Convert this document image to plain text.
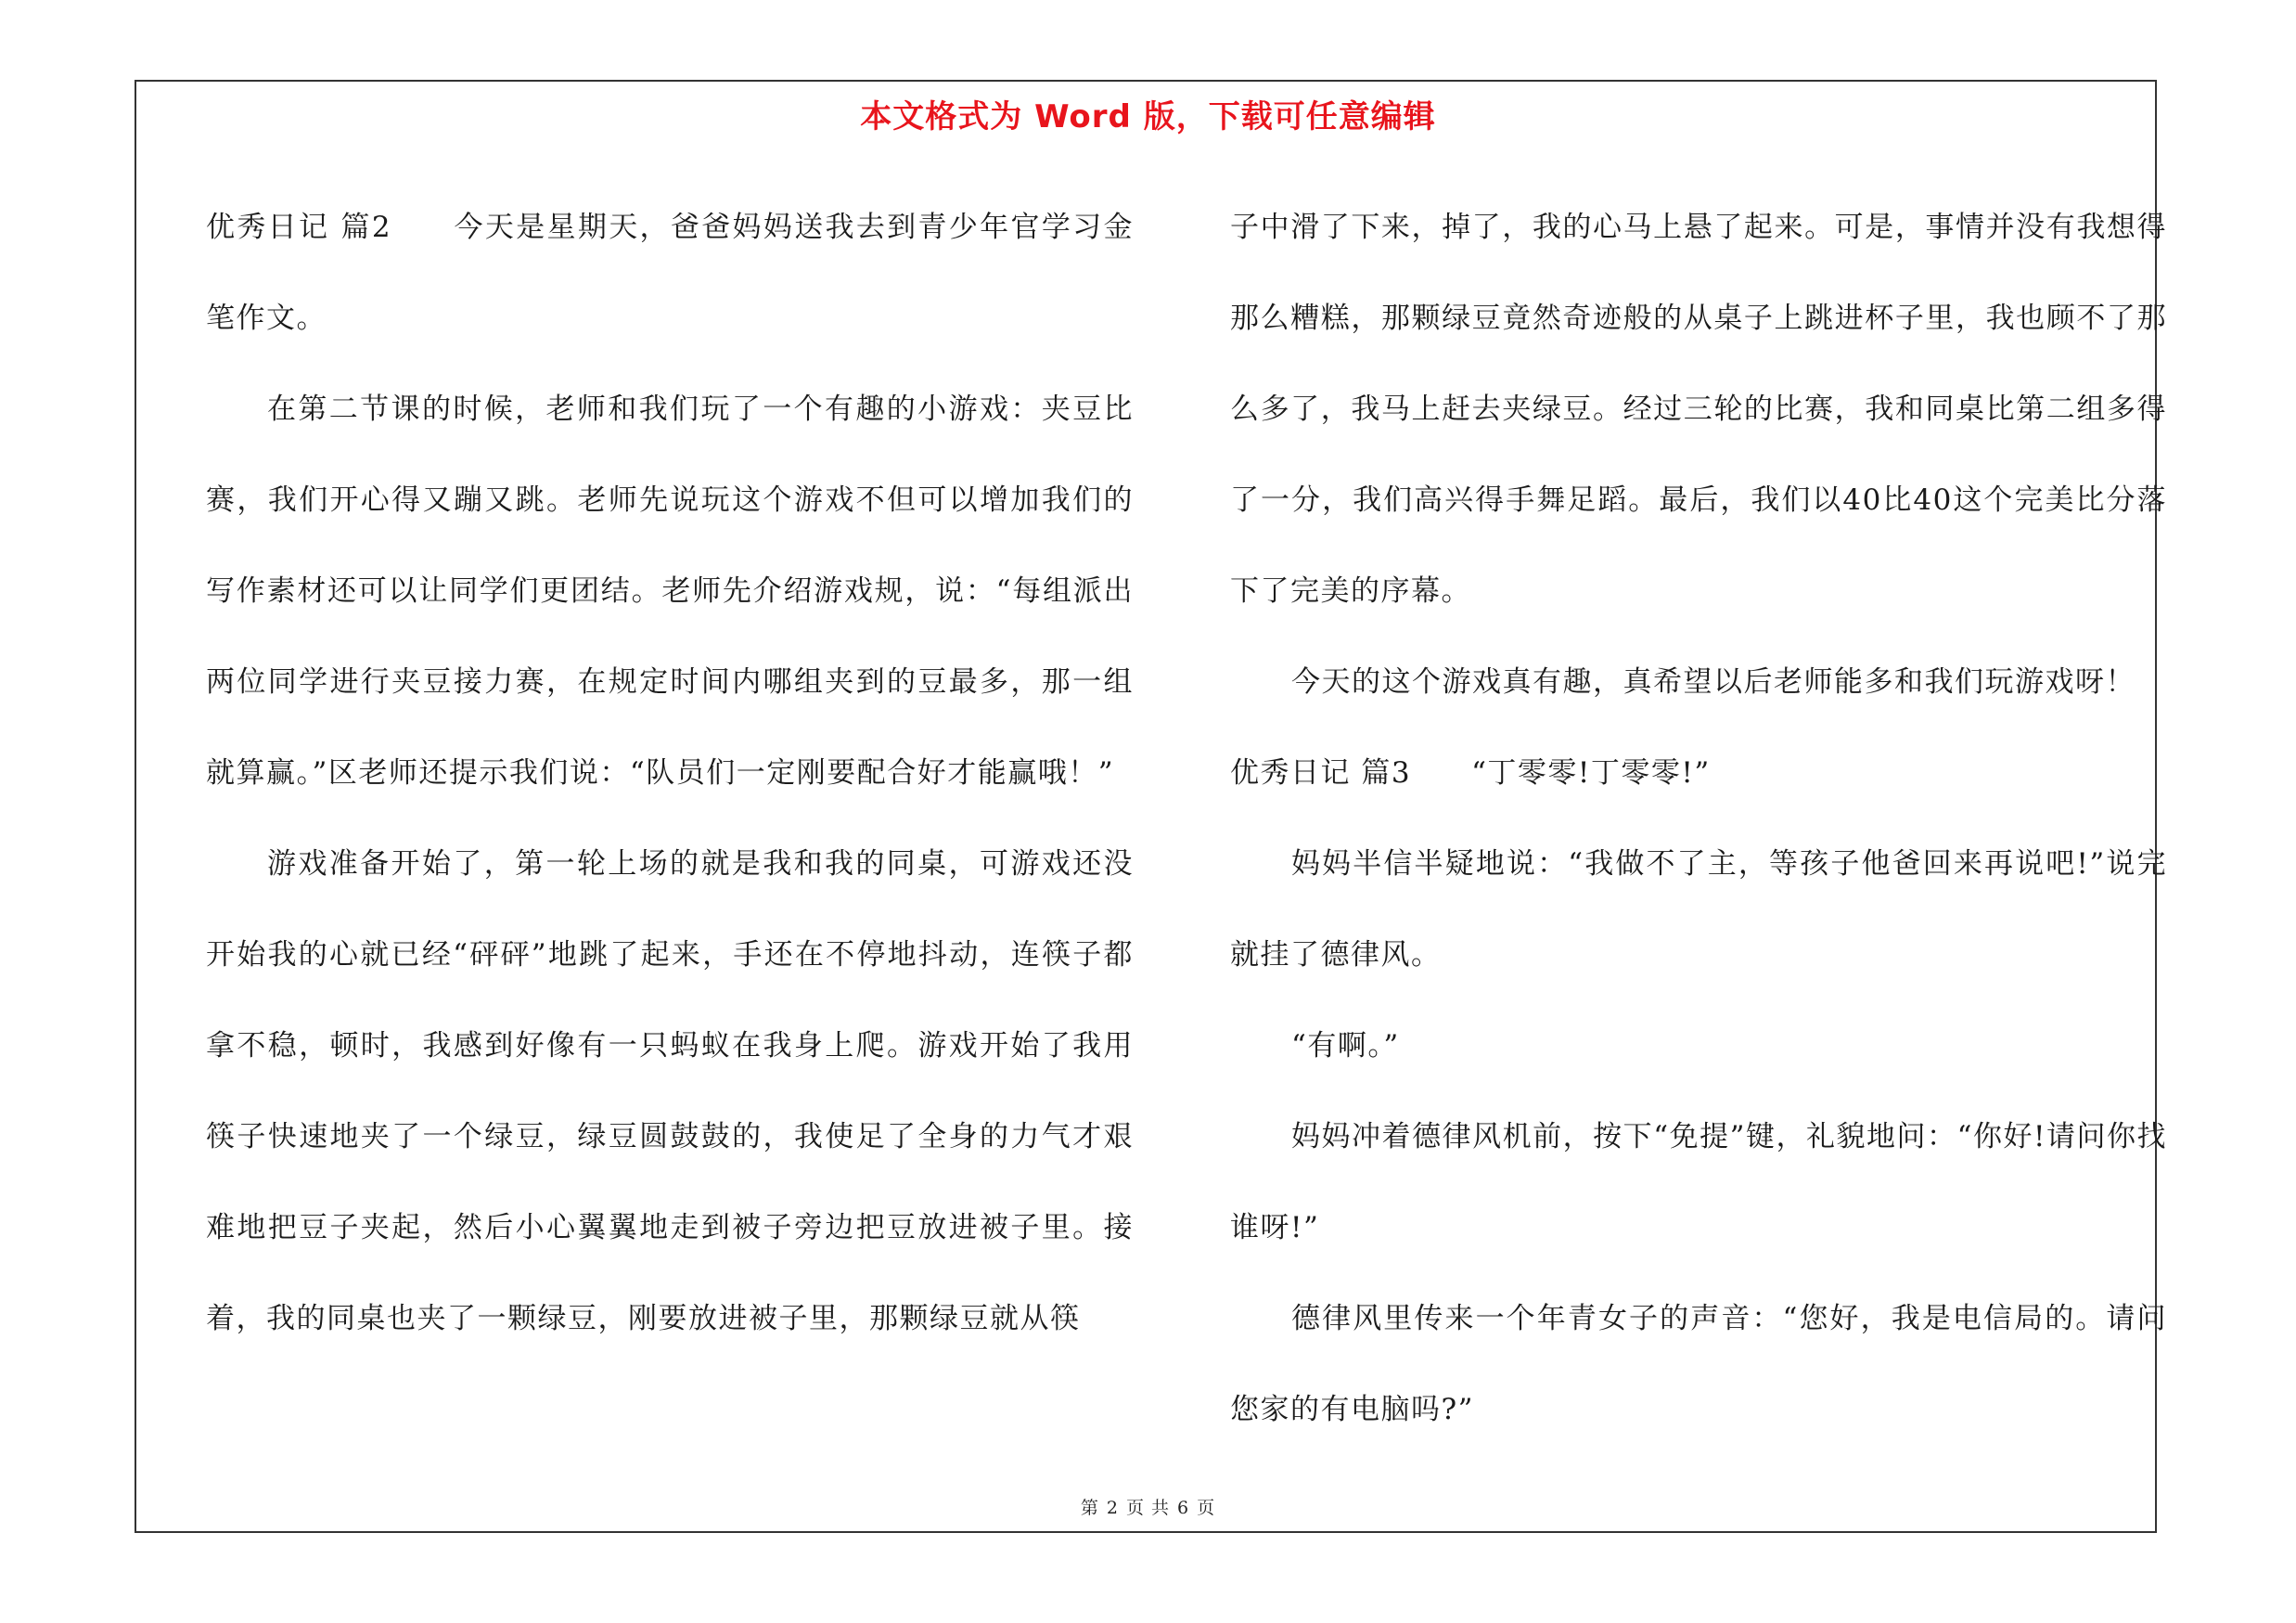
本文格式为 Word 版，下载可任意编辑

优秀日记 篇2　　今天是星期天，爸爸妈妈送我去到青少年官学习金笔作文。

在第二节课的时候，老师和我们玩了一个有趣的小游戏：夹豆比赛，我们开心得又蹦又跳。老师先说玩这个游戏不但可以增加我们的写作素材还可以让同学们更团结。老师先介绍游戏规，说：“每组派出两位同学进行夹豆接力赛，在规定时间内哪组夹到的豆最多，那一组就算赢。”区老师还提示我们说：“队员们一定刚要配合好才能赢哦！”

游戏准备开始了，第一轮上场的就是我和我的同桌，可游戏还没开始我的心就已经“砰砰”地跳了起来，手还在不停地抖动，连筷子都拿不稳，顿时，我感到好像有一只蚂蚁在我身上爬。游戏开始了我用筷子快速地夹了一个绿豆，绿豆圆鼓鼓的，我使足了全身的力气才艰难地把豆子夹起，然后小心翼翼地走到被子旁边把豆放进被子里。接着，我的同桌也夹了一颗绿豆，刚要放进被子里，那颗绿豆就从筷

子中滑了下来，掉了，我的心马上悬了起来。可是，事情并没有我想得那么糟糕，那颗绿豆竟然奇迹般的从桌子上跳进杯子里，我也顾不了那么多了，我马上赶去夹绿豆。经过三轮的比赛，我和同桌比第二组多得了一分，我们高兴得手舞足蹈。最后，我们以40比40这个完美比分落下了完美的序幕。

今天的这个游戏真有趣，真希望以后老师能多和我们玩游戏呀！

优秀日记 篇3　　“丁零零!丁零零!”

妈妈半信半疑地说：“我做不了主，等孩子他爸回来再说吧!”说完就挂了德律风。

“有啊。”

妈妈冲着德律风机前，按下“免提”键，礼貌地问：“你好!请问你找谁呀!”

德律风里传来一个年青女子的声音：“您好，我是电信局的。请问您家的有电脑吗?”

第 2 页 共 6 页
